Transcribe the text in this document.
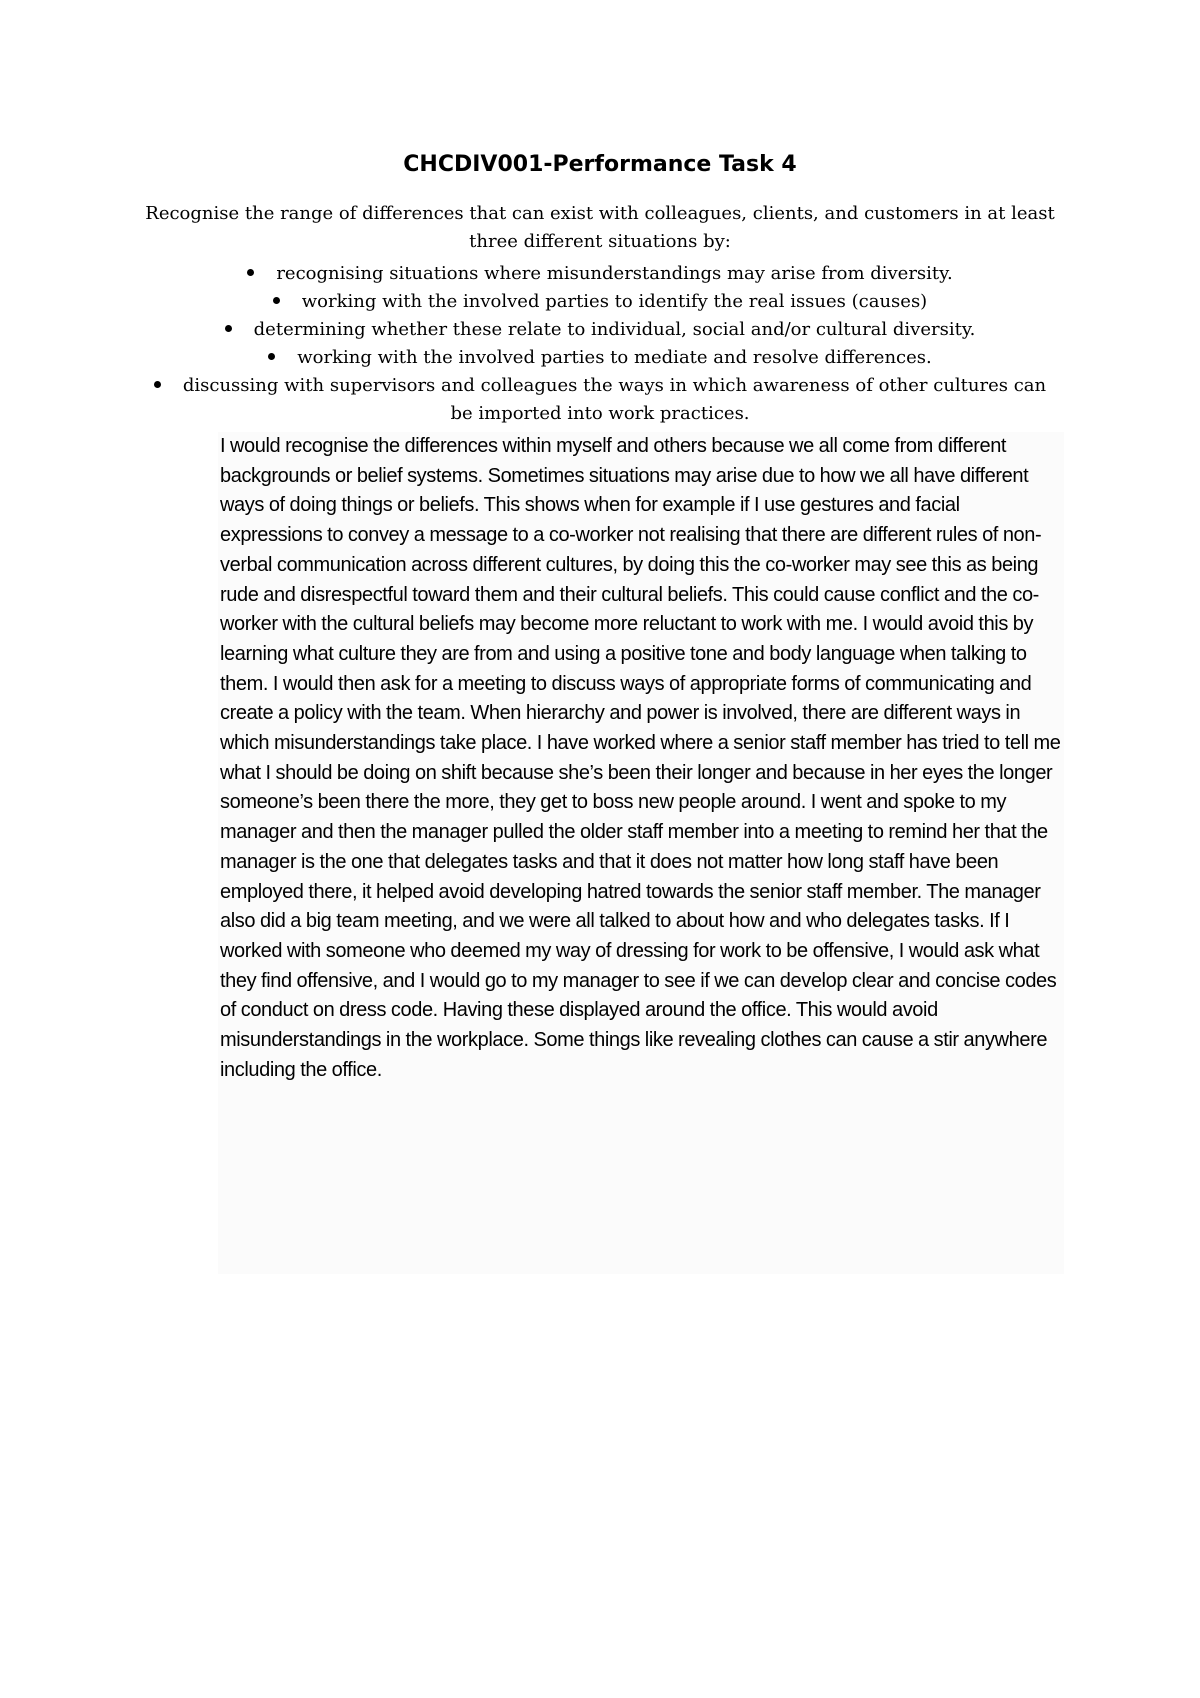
CHCDIV001-Performance Task 4

Recognise the range of differences that can exist with colleagues, clients, and customers in at least three different situations by:

recognising situations where misunderstandings may arise from diversity.
working with the involved parties to identify the real issues (causes)
determining whether these relate to individual, social and/or cultural diversity.
working with the involved parties to mediate and resolve differences.
discussing with supervisors and colleagues the ways in which awareness of other cultures can be imported into work practices.

I would recognise the differences within myself and others because we all come from different backgrounds or belief systems. Sometimes situations may arise due to how we all have different ways of doing things or beliefs. This shows when for example if I use gestures and facial expressions to convey a message to a co-worker not realising that there are different rules of non-verbal communication across different cultures, by doing this the co-worker may see this as being rude and disrespectful toward them and their cultural beliefs. This could cause conflict and the co-worker with the cultural beliefs may become more reluctant to work with me. I would avoid this by learning what culture they are from and using a positive tone and body language when talking to them. I would then ask for a meeting to discuss ways of appropriate forms of communicating and create a policy with the team. When hierarchy and power is involved, there are different ways in which misunderstandings take place. I have worked where a senior staff member has tried to tell me what I should be doing on shift because she’s been their longer and because in her eyes the longer someone’s been there the more, they get to boss new people around. I went and spoke to my manager and then the manager pulled the older staff member into a meeting to remind her that the manager is the one that delegates tasks and that it does not matter how long staff have been employed there, it helped avoid developing hatred towards the senior staff member. The manager also did a big team meeting, and we were all talked to about how and who delegates tasks. If I worked with someone who deemed my way of dressing for work to be offensive, I would ask what they find offensive, and I would go to my manager to see if we can develop clear and concise codes of conduct on dress code. Having these displayed around the office. This would avoid misunderstandings in the workplace. Some things like revealing clothes can cause a stir anywhere including the office.
